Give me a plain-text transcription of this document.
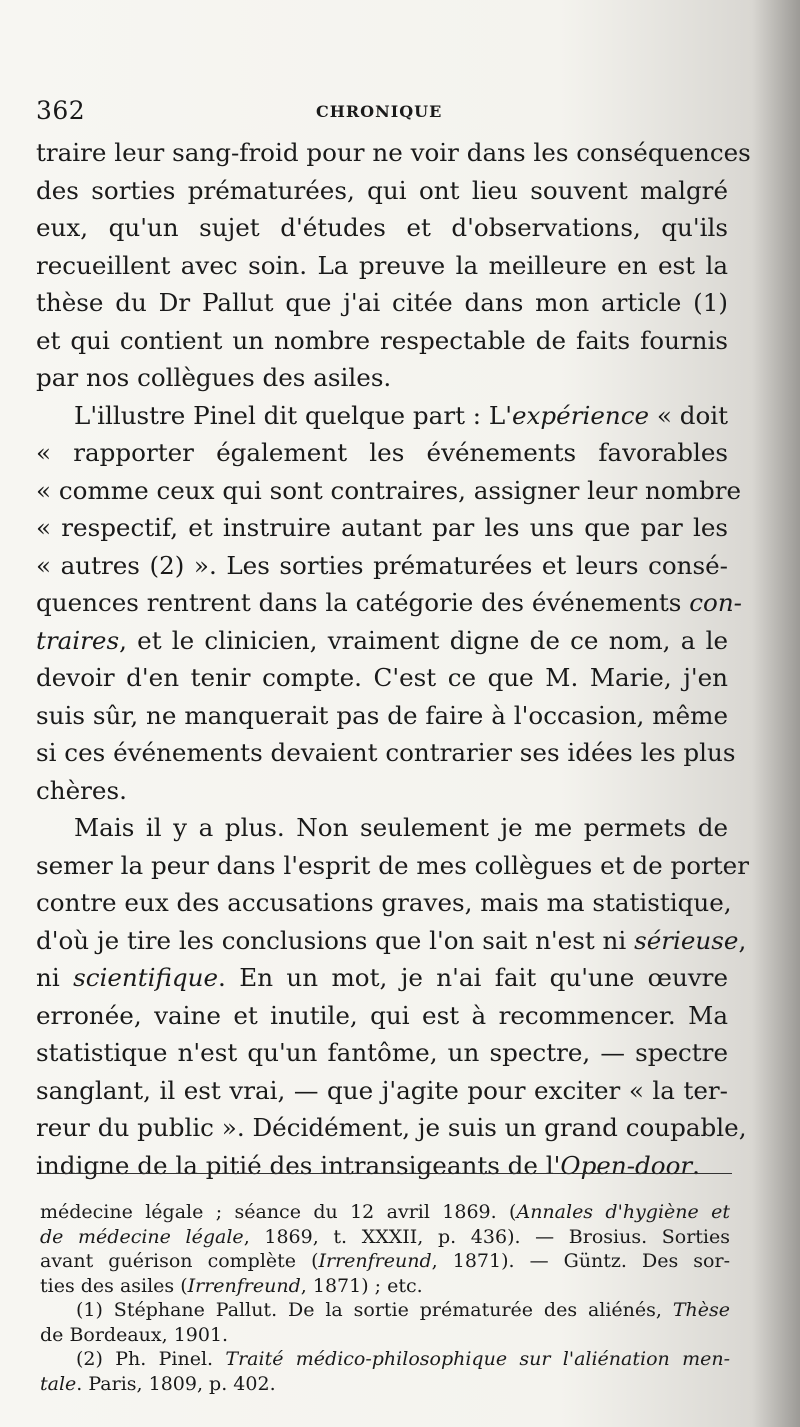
362	CHRONIQUE
traire leur sang-froid pour ne voir dans les conséquences
des sorties prématurées, qui ont lieu souvent malgré
eux, qu'un sujet d'études et d'observations, qu'ils
recueillent avec soin. La preuve la meilleure en est la
thèse du Dr Pallut que j'ai citée dans mon article (1)
et qui contient un nombre respectable de faits fournis
par nos collègues des asiles.
L'illustre Pinel dit quelque part : L'expérience « doit
« rapporter également les événements favorables
« comme ceux qui sont contraires, assigner leur nombre
« respectif, et instruire autant par les uns que par les
« autres (2) ». Les sorties prématurées et leurs consé-
quences rentrent dans la catégorie des événements con-
traires, et le clinicien, vraiment digne de ce nom, a le
devoir d'en tenir compte. C'est ce que M. Marie, j'en
suis sûr, ne manquerait pas de faire à l'occasion, même
si ces événements devaient contrarier ses idées les plus
chères.
Mais il y a plus. Non seulement je me permets de
semer la peur dans l'esprit de mes collègues et de porter
contre eux des accusations graves, mais ma statistique,
d'où je tire les conclusions que l'on sait n'est ni sérieuse,
ni scientifique. En un mot, je n'ai fait qu'une œuvre
erronée, vaine et inutile, qui est à recommencer. Ma
statistique n'est qu'un fantôme, un spectre, — spectre
sanglant, il est vrai, — que j'agite pour exciter « la ter-
reur du public ». Décidément, je suis un grand coupable,
indigne de la pitié des intransigeants de l'Open-door.
médecine légale ; séance du 12 avril 1869. (Annales d'hygiène et
de médecine légale, 1869, t. XXXII, p. 436). — Brosius. Sorties
avant guérison complète (Irrenfreund, 1871). — Güntz. Des sor-
ties des asiles (Irrenfreund, 1871) ; etc.
(1) Stéphane Pallut. De la sortie prématurée des aliénés, Thèse
de Bordeaux, 1901.
(2) Ph. Pinel. Traité médico-philosophique sur l'aliénation men-
tale. Paris, 1809, p. 402.
